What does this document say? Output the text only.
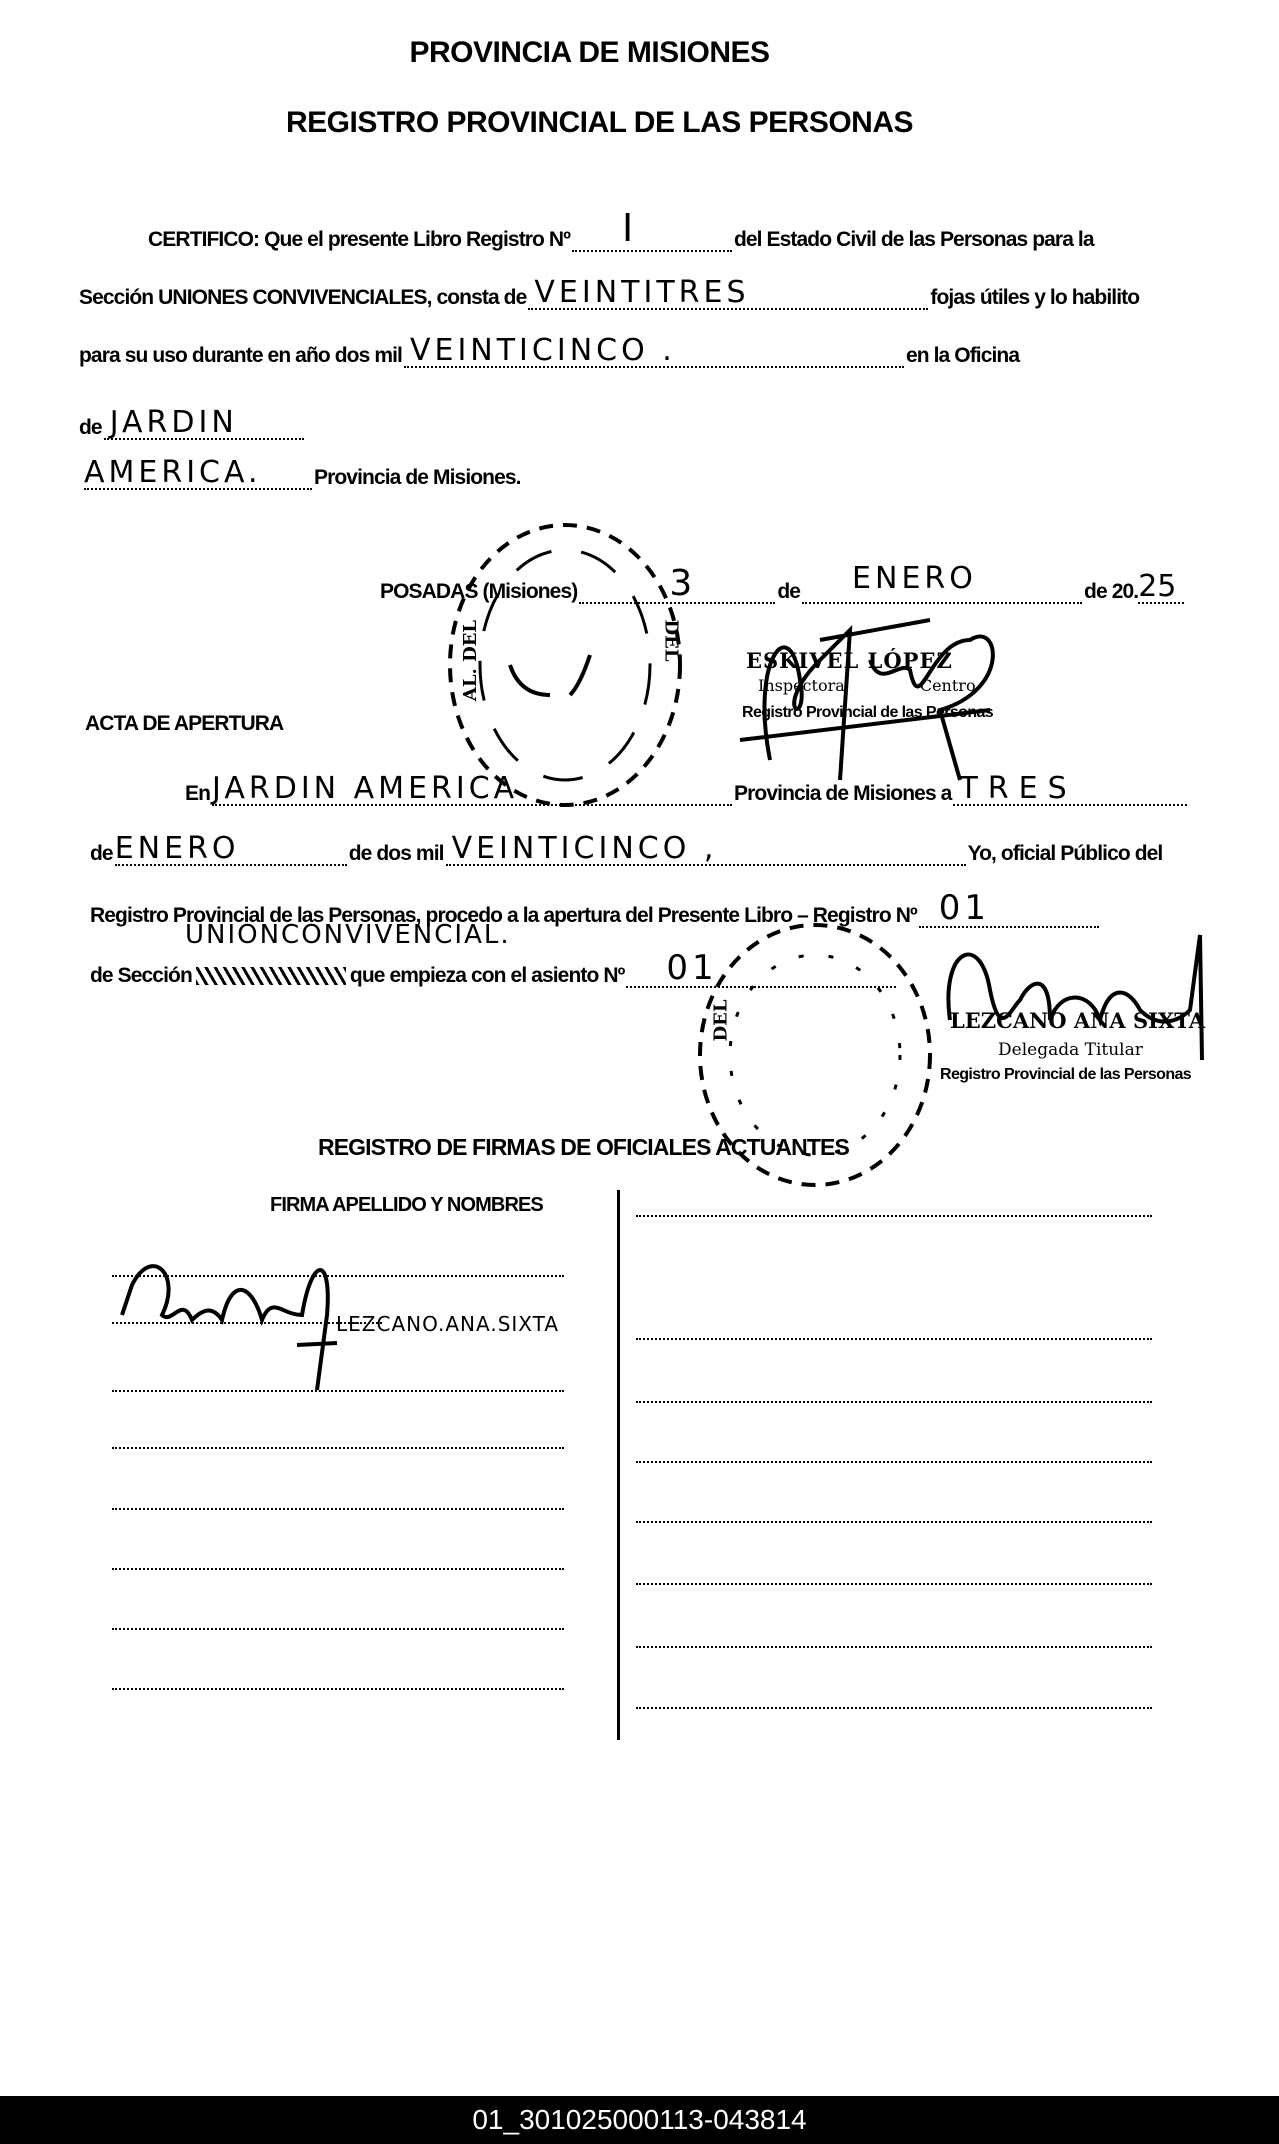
PROVINCIA DE MISIONES
REGISTRO PROVINCIAL DE LAS PERSONAS
CERTIFICO: Que el presente Libro Registro Nº I	del Estado Civil de las Personas para la
Sección UNIONES CONVIVENCIALES, consta de VEINTITRES	fojas útiles y lo habilito
para su uso durante en año dos mil VEINTICINCO .	en la Oficina
de JARDIN
AMERICA. Provincia de Misiones.
POSADAS (Misiones)	3	de ENERO	de 20. 25
AL. DEL	DEL	ESKIVEL LÓPEZ
Inspectora Centro
Registro Provincial de las Personas
ACTA DE APERTURA
En JARDIN AMERICA	Provincia de Misiones a TRES
de ENERO	de dos mil VEINTICINCO ,	Yo, oficial Público del
Registro Provincial de las Personas, procedo a la apertura del Presente Libro – Registro Nº 01
UNIONCONVIVENCIAL.
de Sección	que empieza con el asiento Nº 01
DEL	LEZCANO ANA SIXTA
Delegada Titular
Registro Provincial de las Personas
REGISTRO DE FIRMAS DE OFICIALES ACTUANTES
FIRMA APELLIDO Y NOMBRES
LEZCANO.ANA.SIXTA
01_301025000113-043814
